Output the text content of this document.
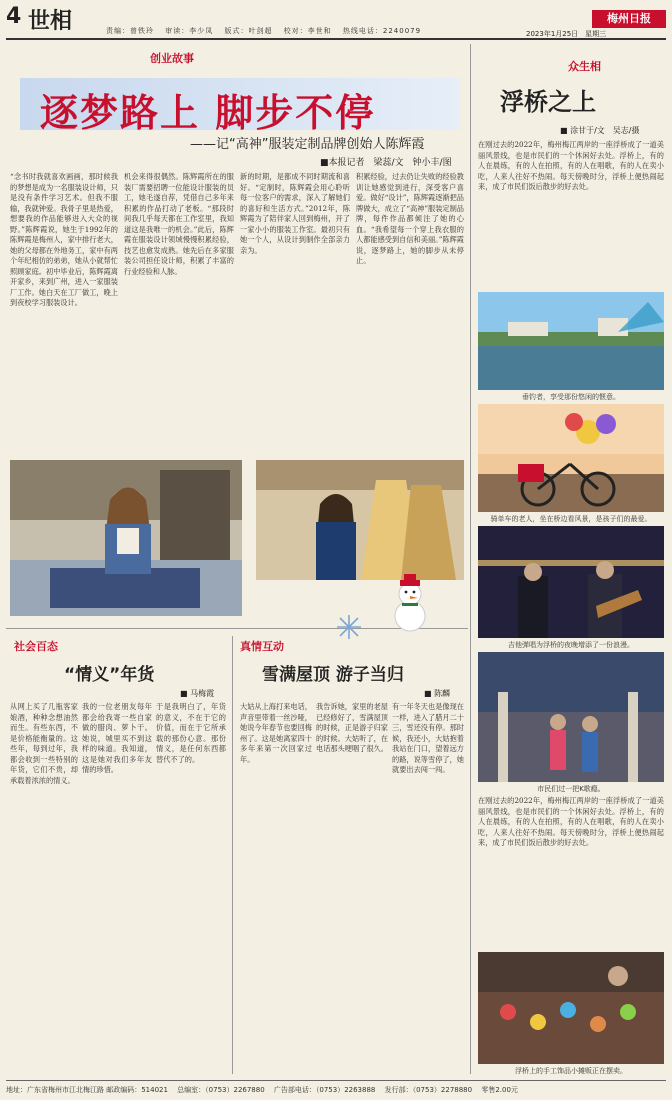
4 世相	责编：曾铁玲　 审读：李少凤　 版式：叶剑超　 校对：李世和　 热线电话：2240079
梅州日报
2023年1月25日　星期三
创业故事
逐梦路上 脚步不停
——记“高神”服装定制品牌创始人陈辉霞
■本报记者　梁蕊/文　钟小丰/图
“念书时我就喜欢画画，那时候我的梦想是成为一名服装设计师，只是没有条件学习艺术。但我不服输，我就钟爱。我骨子里是热爱，想要我的作品能够进入大众的视野。”陈辉霞说，她生于1992年的陈辉霞是梅州人，家中排行老大，她的父母都在外地务工，家中有两个年纪相仿的弟弟，她从小就帮忙照顾家庭。初中毕业后，陈辉霞离开家乡，来到广州，进入一家服装厂工作。她白天在工厂做工，晚上到夜校学习服装设计。
机会来得很偶然。陈辉霞所在的服装厂需要招聘一位能设计服装的员工，她毛遂自荐，凭借自己多年来积累的作品打动了老板。“那段时间我几乎每天都在工作室里，我知道这是我唯一的机会。”此后，陈辉霞在服装设计领域慢慢积累经验，技艺也愈发成熟。她先后在多家服装公司担任设计师，积累了丰富的行业经验和人脉。
新的时期，是都成不同时期流和喜好。“定制时，陈辉霞会用心聆听每一位客户的需求，深入了解她们的喜好和生活方式。”2012年，陈辉霞为了陪伴家人回到梅州，开了一家小小的服装工作室。最初只有她一个人，从设计到制作全部亲力亲为。
积累经验，过去仍让失败的经验教训让她感觉到进行，深受客户喜爱。做好“设计”，陈辉霞逐渐把品牌做大，成立了“高神”服装定制品牌，每件作品都倾注了她的心血。“我希望每一个穿上我衣服的人都能感受到自信和美丽。”陈辉霞说，逐梦路上，她的脚步从未停止。
社会百态
“情义”年货
■ 马梅霞
从网上买了几瓶客家娘酒，种种念想油然而生。有些东西，不是价格能衡量的。这些年，每到过年，我都会收到一些特别的年货，它们不贵，却承载着浓浓的情义。
我的一位老朋友每年都会给我寄一些自家做的腊肉、萝卜干。她说，城里买不到这样的味道。我知道，这是她对我们多年友情的珍惜。
于是我明白了，年货的意义，不在于它的价值，而在于它所承载的那份心意。那份情义，是任何东西都替代不了的。
真情互动
雪满屋顶 游子当归
■ 陈麟
大姑从上海打来电话，声音里带着一丝沙哑，她说今年春节也要回梅州了。这是她离家四十多年来第一次回家过年。
我告诉她，家里的老屋已经修好了，雪满屋顶的时候，正是游子归家的时候。大姑听了，在电话那头哽咽了很久。
有一年冬天也是像现在一样，进入了腊月二十三，雪还没有停。那时候，我还小，大姑抱着我站在门口，望着远方的路，说等雪停了，她就要出去闯一闯。
众生相
浮桥之上
■ 涂甘于/文　吴志/摄
在刚过去的2022年，梅州梅江两岸的一座浮桥成了一道美丽风景线，也是市民们的一个休闲好去处。浮桥上，有的人在晨练，有的人在拍照，有的人在唱歌，有的人在卖小吃，人来人往好不热闹。每天傍晚时分，浮桥上便热闹起来，成了市民们饭后散步的好去处。
垂钓者，享受那份悠闲的惬意。
骑单车的老人，坐在桥边看风景，是孩子们的最爱。
吉他弹唱为浮桥的夜晚增添了一份浪漫。
市民们过一把K歌瘾。
在刚过去的2022年，梅州梅江两岸的一座浮桥成了一道美丽风景线，也是市民们的一个休闲好去处。浮桥上，有的人在晨练，有的人在拍照，有的人在唱歌，有的人在卖小吃，人来人往好不热闹。每天傍晚时分，浮桥上便热闹起来，成了市民们饭后散步的好去处。
浮桥上的手工饰品小摊贩正在摆卖。
地址：广东省梅州市江北梅江路 邮政编码：514021 　总编室：（0753）2267880 　广告部电话：（0753）2263888 　发行部：（0753）2278880 　零售2.00元
